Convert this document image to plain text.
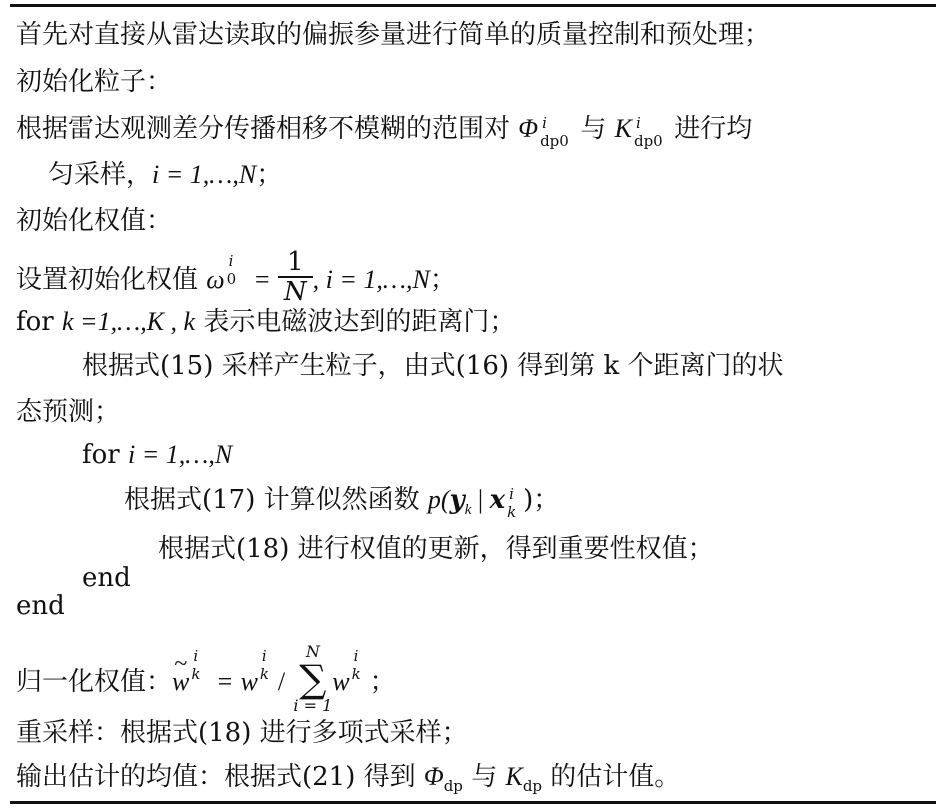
首先对直接从雷达读取的偏振参量进行简单的质量控制和预处理；
初始化粒子：
根据雷达观测差分传播相移不模糊的范围对 Φ i
dp0 与 K i
dp0 进行均
匀采样，i = 1,…,N；
初始化权值：
设置初始化权值 ω
i
$0 = \frac{1}{N}$ , i = 1,…,N；
for k =1,…,K , k 表示电磁波达到的距离门；
根据式(15) 采样产生粒子，由式(16) 得到第 k 个距离门的状
态预测；
for i = 1,…,N
根据式(17) 计算似然函数 $p(y_k$ | x i
k )；
根据式(18) 进行权值的更新，得到重要性权值；
end
end
归一化权值：~ w
i
k = w
i
k /
N
∑
i = 1
w
i
k ；
重采样：根据式(18) 进行多项式采样；
输出估计的均值：根据式(21) 得到 $\Phi_{dp}$ 与 $K_{dp}$ 的估计值。
